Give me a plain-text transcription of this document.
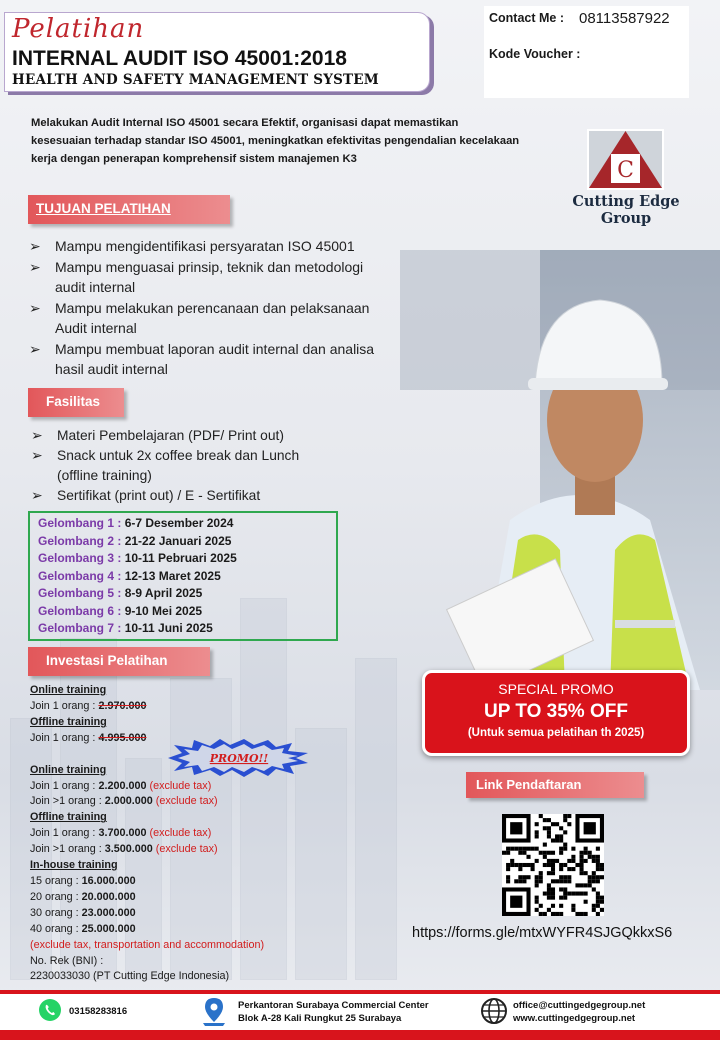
Pelatihan
INTERNAL AUDIT ISO 45001:2018
HEALTH AND SAFETY MANAGEMENT SYSTEM
Contact Me : 08113587922
Kode Voucher :
Melakukan Audit Internal ISO 45001 secara Efektif, organisasi dapat memastikan kesesuaian terhadap standar ISO 45001, meningkatkan efektivitas pengendalian kecelakaan kerja dengan penerapan komprehensif sistem manajemen K3	C
Cutting Edge
Group
TUJUAN PELATIHAN
➢ Mampu mengidentifikasi persyaratan ISO 45001
➢ Mampu menguasai prinsip, teknik dan metodologi
audit internal
➢ Mampu melakukan perencanaan dan pelaksanaan
Audit internal
➢ Mampu membuat laporan audit internal dan analisa
hasil audit internal
Fasilitas
➢ Materi Pembelajaran (PDF/ Print out)
➢ Snack untuk 2x coffee break dan Lunch
(offline training)
➢ Sertifikat (print out) / E - Sertifikat
Gelombang 1 : 6-7 Desember 2024
Gelombang 2 : 21-22 Januari 2025
Gelombang 3 : 10-11 Pebruari 2025
Gelombang 4 : 12-13 Maret 2025
Gelombang 5 : 8-9 April 2025
Gelombang 6 : 9-10 Mei 2025
Gelombang 7 : 10-11 Juni 2025
Investasi Pelatihan
Online training
Join 1 orang : 2.970.000
Offline training
Join 1 orang : 4.995.000
Online training
Join 1 orang : 2.200.000 (exclude tax)
Join >1 orang : 2.000.000 (exclude tax)
Offline training
Join 1 orang : 3.700.000 (exclude tax)
Join >1 orang : 3.500.000 (exclude tax)
In-house training
15 orang : 16.000.000
20 orang : 20.000.000
30 orang : 23.000.000
40 orang : 25.000.000
(exclude tax, transportation and accommodation)
No. Rek (BNI) :
2230033030 (PT Cutting Edge Indonesia)
PROMO!!
SPECIAL PROMO
UP TO 35% OFF
(Untuk semua pelatihan th 2025)
Link Pendaftaran
https://forms.gle/mtxWYFR4SJGQkkxS6
03158283816
Perkantoran Surabaya Commercial Center
Blok A-28 Kali Rungkut 25 Surabaya
office@cuttingedgegroup.net
www.cuttingedgegroup.net
